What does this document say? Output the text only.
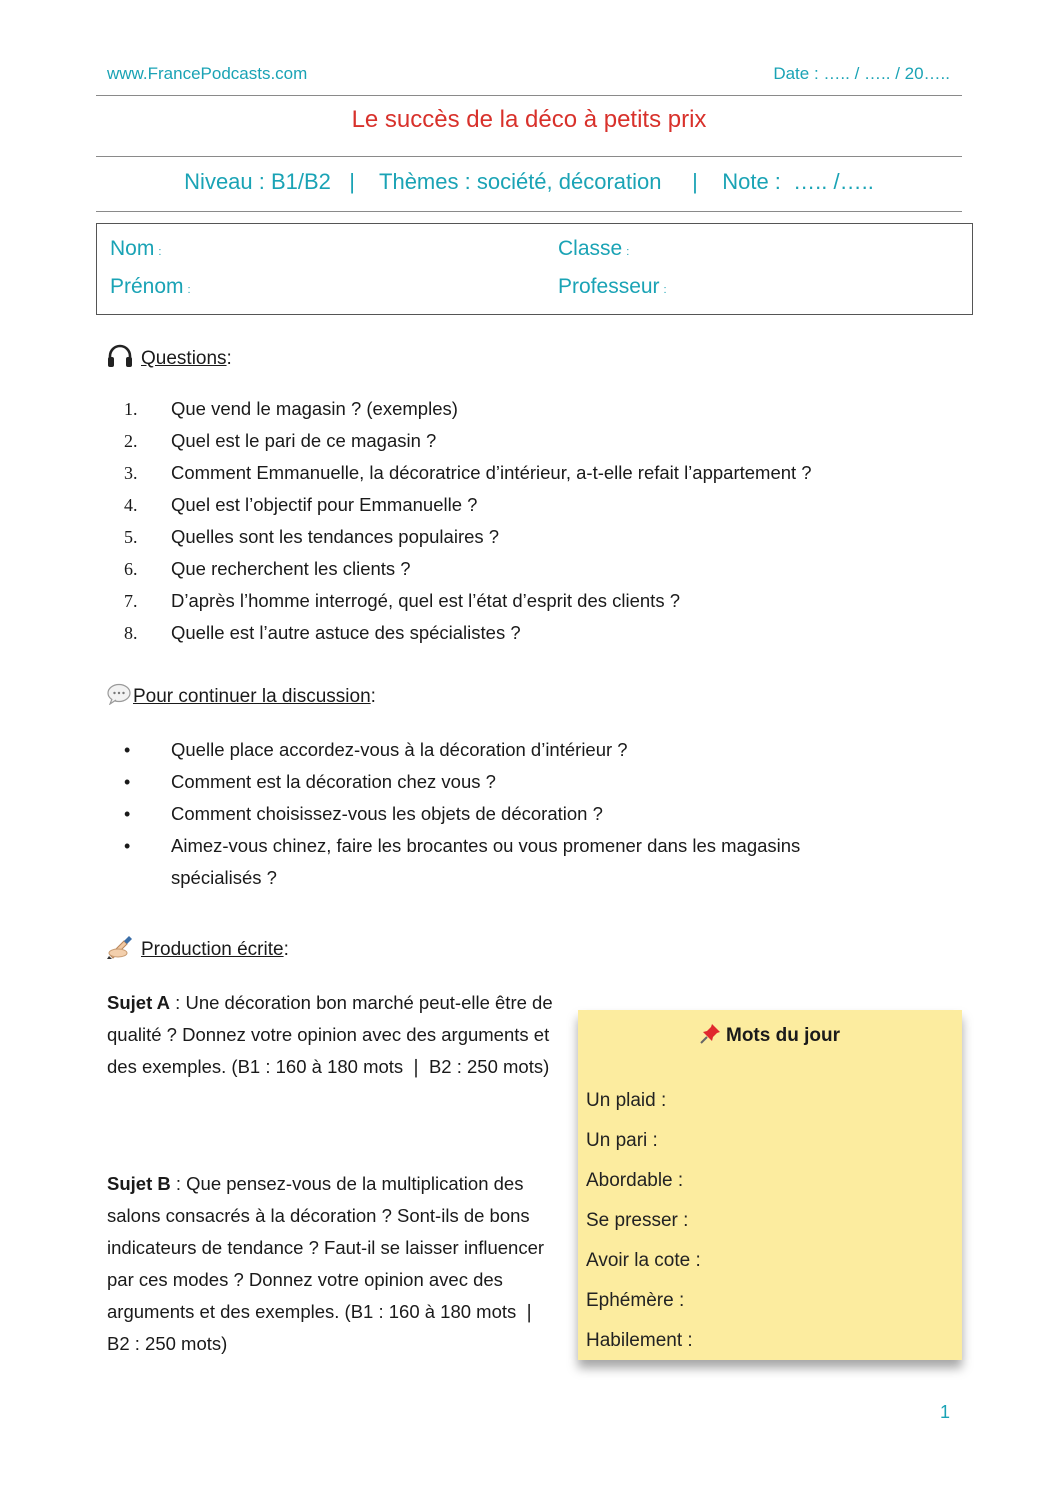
www.FrancePodcasts.com	Date : ….. / ….. / 20…..
Le succès de la déco à petits prix
Niveau : B1/B2   |    Thèmes : société, décoration     |    Note :  ….. /…..
Nom :
Prénom :
Classe :
Professeur :
Questions :
1.	Que vend le magasin ? (exemples)
2.	Quel est le pari de ce magasin ?
3.	Comment Emmanuelle, la décoratrice d’intérieur, a-t-elle refait l’appartement ?
4.	Quel est l’objectif pour Emmanuelle ?
5.	Quelles sont les tendances populaires ?
6.	Que recherchent les clients ?
7.	D’après l’homme interrogé, quel est l’état d’esprit des clients ?
8.	Quelle est l’autre astuce des spécialistes ?
Pour continuer la discussion :
•	Quelle place accordez-vous à la décoration d’intérieur ?
•	Comment est la décoration chez vous ?
•	Comment choisissez-vous les objets de décoration ?
•	Aimez-vous chinez, faire les brocantes ou vous promener dans les magasins spécialisés ?
Production écrite :
Sujet A : Une décoration bon marché peut-elle être de qualité ? Donnez votre opinion avec des arguments et des exemples. (B1 : 160 à 180 mots ❘ B2 : 250 mots)
Sujet B : Que pensez-vous de la multiplication des salons consacrés à la décoration ? Sont-ils de bons indicateurs de tendance ? Faut-il se laisser influencer par ces modes ? Donnez votre opinion avec des arguments et des exemples. (B1 : 160 à 180 mots ❘ B2 : 250 mots)
Mots du jour
Un plaid :
Un pari :
Abordable :
Se presser :
Avoir la cote :
Ephémère :
Habilement :
1
